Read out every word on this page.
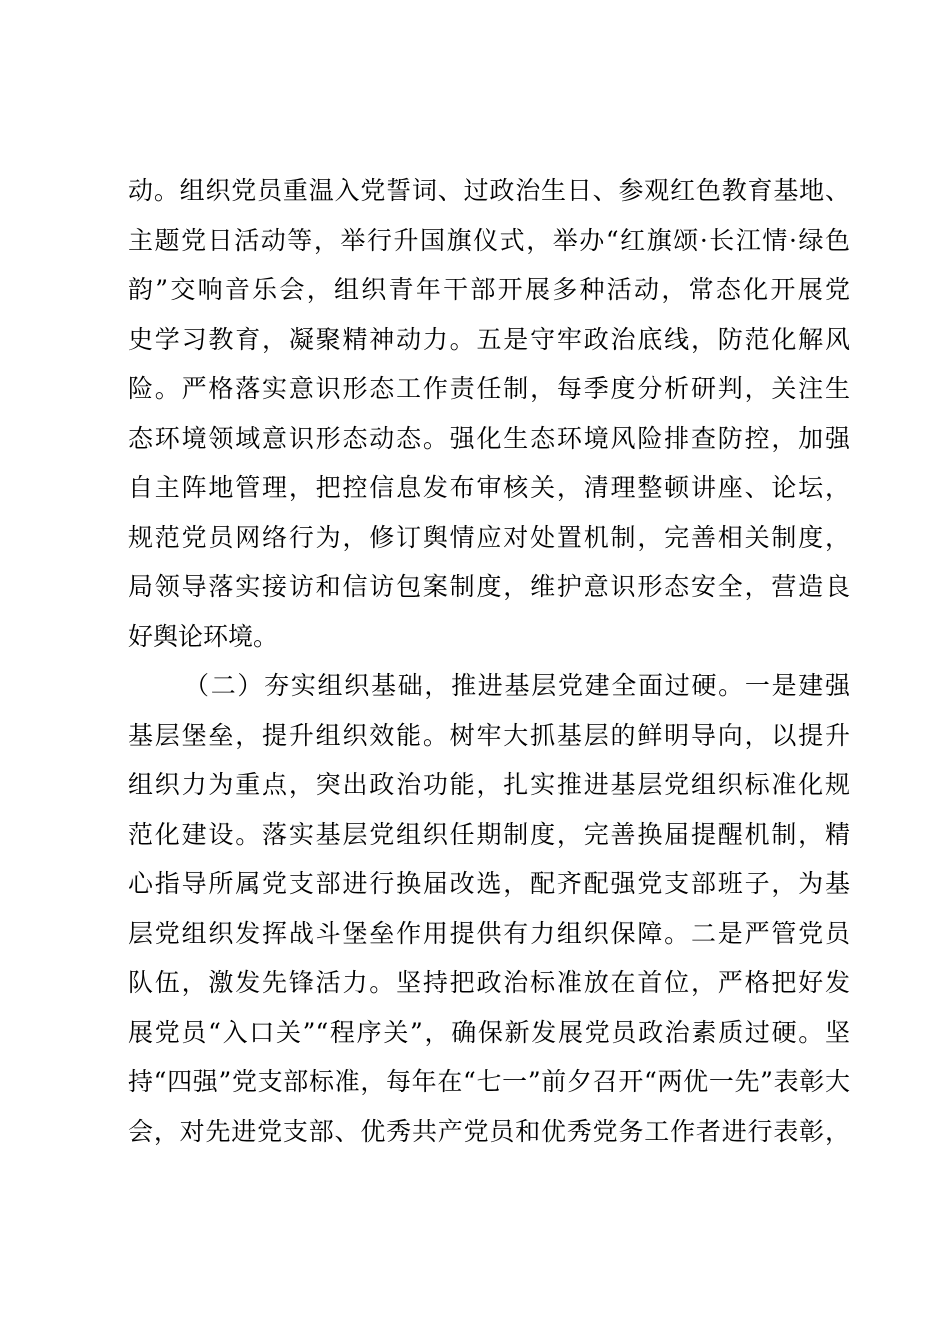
动。组织党员重温入党誓词、过政治生日、参观红色教育基地、
主题党日活动等，举行升国旗仪式，举办“红旗颂·长江情·绿色
韵”交响音乐会，组织青年干部开展多种活动，常态化开展党
史学习教育，凝聚精神动力。五是守牢政治底线，防范化解风
险。严格落实意识形态工作责任制，每季度分析研判，关注生
态环境领域意识形态动态。强化生态环境风险排查防控，加强
自主阵地管理，把控信息发布审核关，清理整顿讲座、论坛，
规范党员网络行为，修订舆情应对处置机制，完善相关制度，
局领导落实接访和信访包案制度，维护意识形态安全，营造良
好舆论环境。
（二）夯实组织基础，推进基层党建全面过硬。一是建强
基层堡垒，提升组织效能。树牢大抓基层的鲜明导向，以提升
组织力为重点，突出政治功能，扎实推进基层党组织标准化规
范化建设。落实基层党组织任期制度，完善换届提醒机制，精
心指导所属党支部进行换届改选，配齐配强党支部班子，为基
层党组织发挥战斗堡垒作用提供有力组织保障。二是严管党员
队伍，激发先锋活力。坚持把政治标准放在首位，严格把好发
展党员“入口关”“程序关”，确保新发展党员政治素质过硬。坚
持“四强”党支部标准，每年在“七一”前夕召开“两优一先”表彰大
会，对先进党支部、优秀共产党员和优秀党务工作者进行表彰，
